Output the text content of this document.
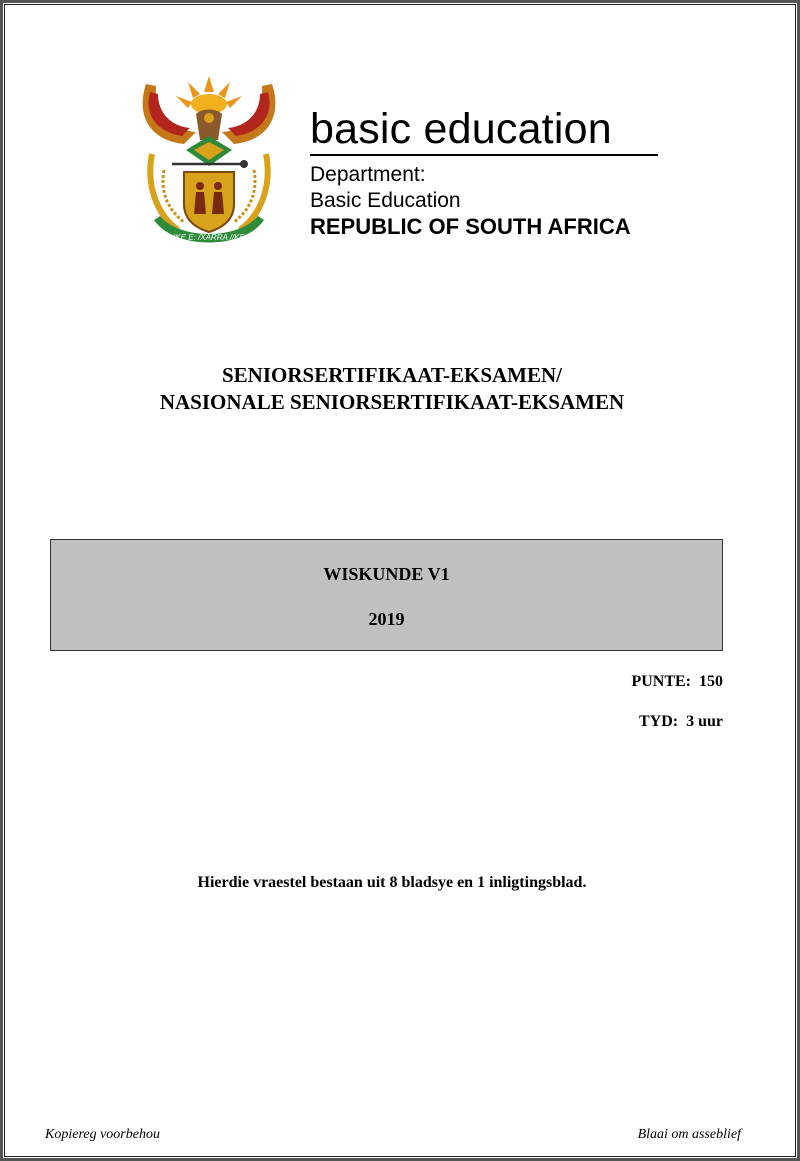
!KE E: /XARRA //KE
basic education
Department:
Basic Education
REPUBLIC OF SOUTH AFRICA
SENIORSERTIFIKAAT-EKSAMEN/
NASIONALE SENIORSERTIFIKAAT-EKSAMEN
WISKUNDE V1
2019
PUNTE:  150
TYD:  3 uur
Hierdie vraestel bestaan uit 8 bladsye en 1 inligtingsblad.
Kopiereg voorbehou	Blaai om asseblief
